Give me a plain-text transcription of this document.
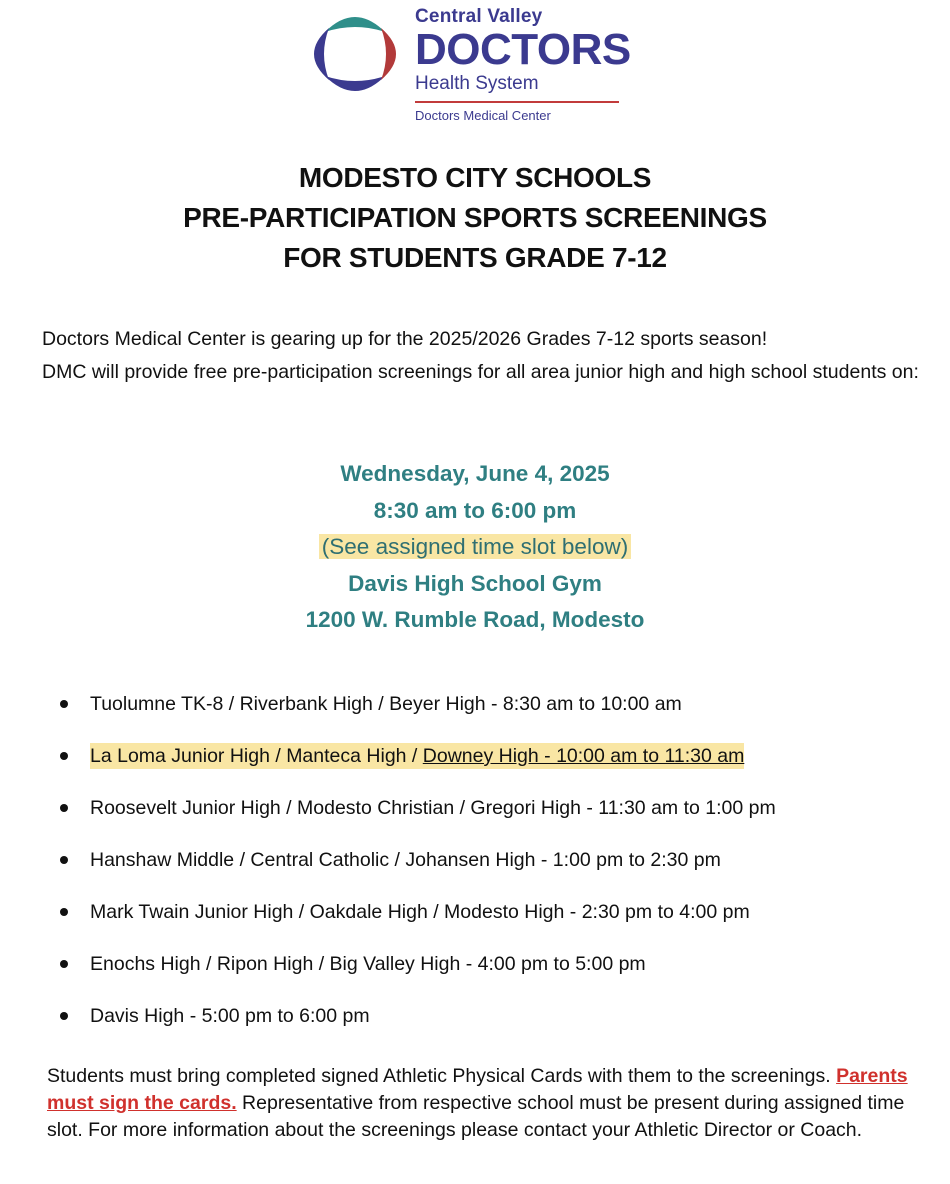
Central Valley
DOCTORS
Health System
Doctors Medical Center
MODESTO CITY SCHOOLS
PRE-PARTICIPATION SPORTS SCREENINGS
FOR STUDENTS GRADE 7-12

Doctors Medical Center is gearing up for the 2025/2026 Grades 7-12 sports season!

DMC will provide free pre-participation screenings for all area junior high and high school students on:

Wednesday, June 4, 2025
8:30 am to 6:00 pm
(See assigned time slot below)
Davis High School Gym
1200 W. Rumble Road, Modesto
Tuolumne TK-8 / Riverbank High / Beyer High - 8:30 am to 10:00 am
La Loma Junior High / Manteca High / Downey High - 10:00 am to 11:30 am
Roosevelt Junior High / Modesto Christian / Gregori High - 11:30 am to 1:00 pm
Hanshaw Middle / Central Catholic / Johansen High - 1:00 pm to 2:30 pm
Mark Twain Junior High / Oakdale High / Modesto High - 2:30 pm to 4:00 pm
Enochs High / Ripon High / Big Valley High - 4:00 pm to 5:00 pm
Davis High - 5:00 pm to 6:00 pm
Students must bring completed signed Athletic Physical Cards with them to the screenings. Parents must sign the cards. Representative from respective school must be present during assigned time slot. For more information about the screenings please contact your Athletic Director or Coach.
